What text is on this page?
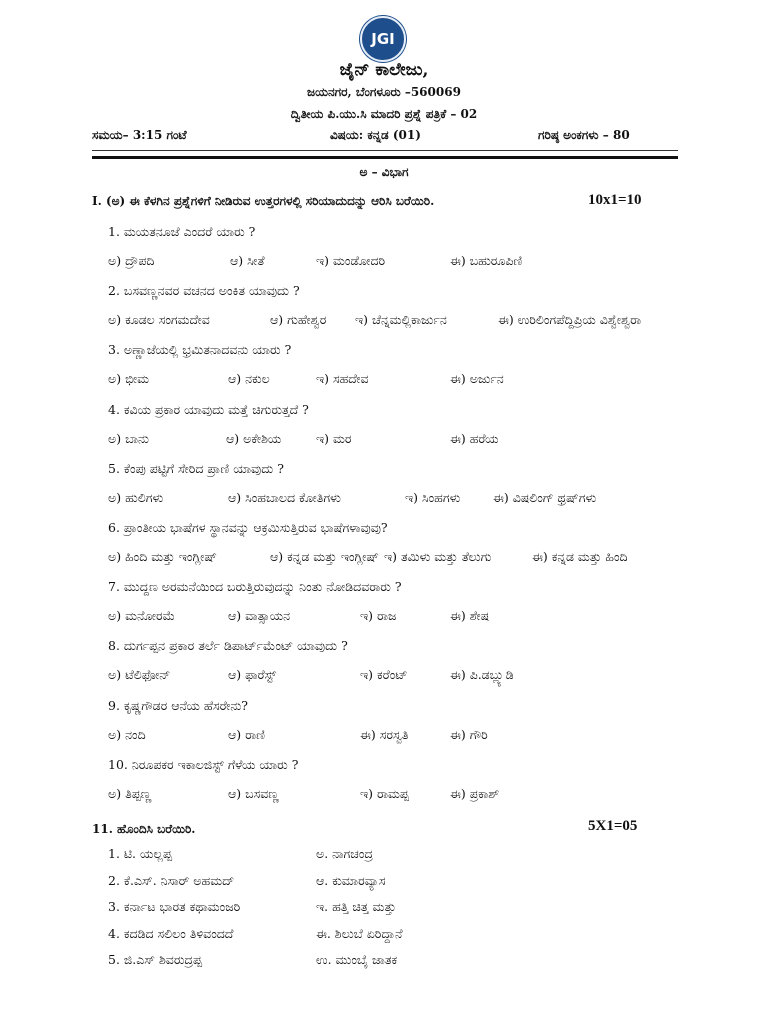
JGI
ಜೈನ್ ಕಾಲೇಜು,
ಜಯನಗರ, ಬೆಂಗಳೂರು –560069
ದ್ವಿತೀಯ ಪಿ.ಯು.ಸಿ ಮಾದರಿ ಪ್ರಶ್ನೆ ಪತ್ರಿಕೆ – 02
ಸಮಯ– 3:15 ಗಂಟೆ	ವಿಷಯ: ಕನ್ನಡ (01)	ಗರಿಷ್ಠ ಅಂಕಗಳು – 80
ಅ – ವಿಭಾಗ
I. (ಅ) ಈ ಕೆಳಗಿನ ಪ್ರಶ್ನೆಗಳಿಗೆ ನೀಡಿರುವ ಉತ್ತರಗಳಲ್ಲಿ ಸರಿಯಾದುದನ್ನು ಆರಿಸಿ ಬರೆಯಿರಿ.	10x1=10
1. ಮಯತನೂಜೆ ಎಂದರೆ ಯಾರು ?
ಅ) ದ್ರೌಪದಿ	ಆ) ಸೀತೆ	ಇ) ಮಂಡೋದರಿ	ಈ) ಬಹುರೂಪಿಣಿ
2. ಬಸವಣ್ಣನವರ ವಚನದ ಅಂಕಿತ ಯಾವುದು ?
ಅ) ಕೂಡಲ ಸಂಗಮದೇವ	ಆ) ಗುಹೇಶ್ವರ ಇ) ಚೆನ್ನಮಲ್ಲಿಕಾರ್ಜುನ	ಈ) ಉರಿಲಿಂಗಪೆದ್ದಿಪ್ರಿಯ ವಿಶ್ವೇಶ್ವರಾ
3. ಅಣ್ಣಾಜೆಯಲ್ಲಿ ಭ್ರಮಿತನಾದವನು ಯಾರು ?
ಅ) ಭೀಮ	ಆ) ನಕುಲ	ಇ) ಸಹದೇವ	ಈ) ಅರ್ಜುನ
4. ಕವಿಯ ಪ್ರಕಾರ ಯಾವುದು ಮತ್ತೆ ಚಿಗುರುತ್ತದೆ ?
ಅ) ಬಾನು	ಆ) ಅಕೇಶಿಯ	ಇ) ಮರ	ಈ) ಹರೆಯ
5. ಕೆಂಪು ಪಟ್ಟಿಗೆ ಸೇರಿದ ಪ್ರಾಣಿ ಯಾವುದು ?
ಅ) ಹುಲಿಗಳು	ಆ) ಸಿಂಹಬಾಲದ ಕೋತಿಗಳು	ಇ) ಸಿಂಹಗಳು	ಈ) ವಿಷಲಿಂಗ್ ಥ್ರಷ್‌ಗಳು
6. ಪ್ರಾಂತೀಯ ಭಾಷೆಗಳ ಸ್ಥಾನವನ್ನು ಆಕ್ರಮಿಸುತ್ತಿರುವ ಭಾಷೆಗಳಾವುವು?
ಅ) ಹಿಂದಿ ಮತ್ತು ಇಂಗ್ಲೀಷ್	ಆ) ಕನ್ನಡ ಮತ್ತು ಇಂಗ್ಲೀಷ್ ಇ) ತಮಿಳು ಮತ್ತು ತೆಲುಗು	ಈ) ಕನ್ನಡ ಮತ್ತು ಹಿಂದಿ
7. ಮುದ್ದಣ ಅರಮನೆಯಿಂದ ಬರುತ್ತಿರುವುದನ್ನು ನಿಂತು ನೋಡಿದವರಾರು ?
ಅ) ಮನೋರಮೆ	ಆ) ವಾತ್ಸಾಯನ	ಇ) ರಾಜ	ಈ) ಶೇಷ
8. ದುರ್ಗಪ್ಪನ ಪ್ರಕಾರ ತರ್ಲೆ ಡಿಪಾರ್ಟ್‌ಮೆಂಟ್ ಯಾವುದು ?
ಅ) ಟೆಲಿಫೋನ್	ಆ) ಫಾರೆಸ್ಟ್	ಇ) ಕರೆಂಟ್	ಈ) ಪಿ.ಡಬ್ಲ್ಯುಡಿ
9. ಕೃಷ್ಣಗೌಡರ ಆನೆಯ ಹೆಸರೇನು?
ಅ) ನಂದಿ	ಆ) ರಾಣಿ	ಈ) ಸರಸ್ವತಿ	ಈ) ಗೌರಿ
10. ನಿರೂಪಕರ ಇಕಾಲಜಿಸ್ಟ್ ಗೆಳೆಯ ಯಾರು ?
ಅ) ತಿಪ್ಪಣ್ಣ	ಆ) ಬಸವಣ್ಣ	ಇ) ರಾಮಪ್ಪ	ಈ) ಪ್ರಕಾಶ್
11. ಹೊಂದಿಸಿ ಬರೆಯಿರಿ.	5X1=05
1. ಟಿ. ಯಲ್ಲಪ್ಪ	ಅ. ನಾಗಚಂದ್ರ
2. ಕೆ.ಎಸ್. ನಿಸಾರ್ ಅಹಮದ್	ಆ. ಕುಮಾರವ್ಯಾಸ
3. ಕರ್ನಾಟ ಭಾರತ ಕಥಾಮಂಜರಿ	ಇ. ಹತ್ತಿ ಚಿತ್ತ ಮತ್ತು
4. ಕದಡಿದ ಸಲಿಲಂ ತಿಳಿವಂದದೆ	ಈ. ಶಿಲುಬೆ ಏರಿದ್ದಾನೆ
5. ಜಿ.ಎಸ್ ಶಿವರುದ್ರಪ್ಪ	ಉ. ಮುಂಬೈ ಜಾತಕ
